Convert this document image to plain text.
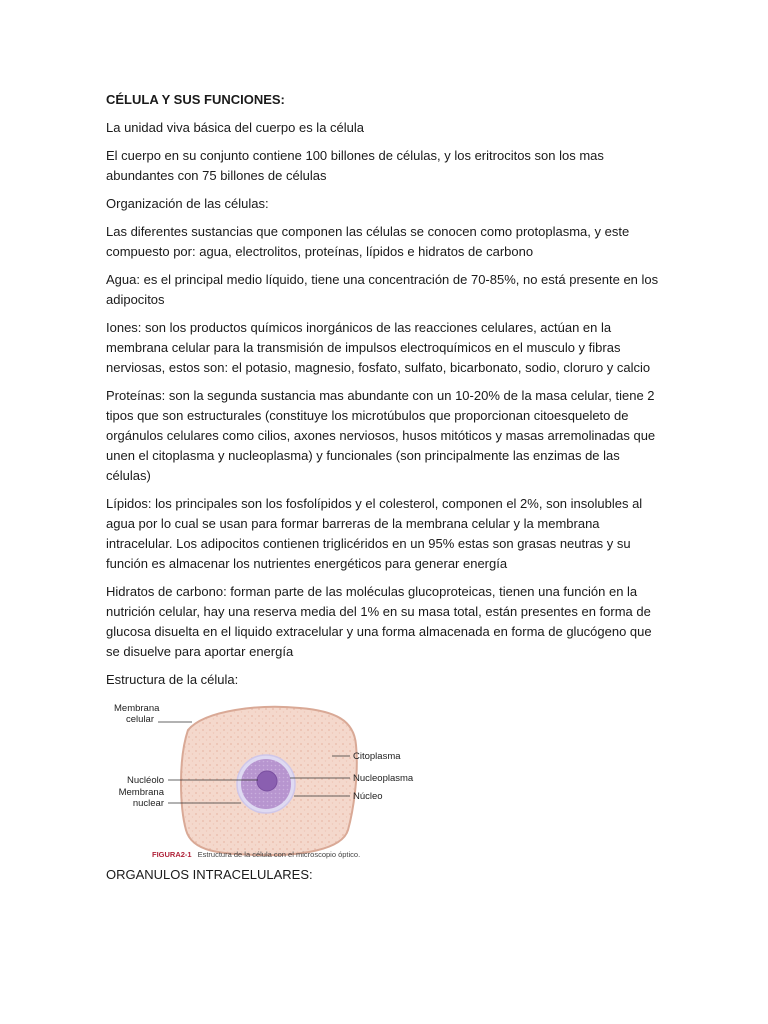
CÉLULA Y SUS FUNCIONES:

La unidad viva básica del cuerpo es la célula

El cuerpo en su conjunto contiene 100 billones de células, y los eritrocitos son los mas abundantes con 75 billones de células

Organización de las células:

Las diferentes sustancias que componen las células se conocen como protoplasma, y este compuesto por: agua, electrolitos, proteínas, lípidos e hidratos de carbono

Agua: es el principal medio líquido, tiene una concentración de 70-85%, no está presente en los adipocitos

Iones: son los productos químicos inorgánicos de las reacciones celulares, actúan en la membrana celular para la transmisión de impulsos electroquímicos en el musculo y fibras nerviosas, estos son: el potasio, magnesio, fosfato, sulfato, bicarbonato, sodio, cloruro y calcio

Proteínas: son la segunda sustancia mas abundante con un 10-20% de la masa celular, tiene 2 tipos que son estructurales (constituye los microtúbulos que proporcionan citoesqueleto de orgánulos celulares como cilios, axones nerviosos, husos mitóticos y masas arremolinadas que unen el citoplasma y nucleoplasma) y funcionales (son principalmente las enzimas de las células)

Lípidos: los principales son los fosfolípidos y el colesterol, componen el 2%, son insolubles al agua por lo cual se usan para formar barreras de la membrana celular y la membrana intracelular. Los adipocitos contienen triglicéridos en un 95% estas son grasas neutras y su función es almacenar los nutrientes energéticos para generar energía

Hidratos de carbono: forman parte de las moléculas glucoproteicas, tienen una función en la nutrición celular, hay una reserva media del 1% en su masa total, están presentes en forma de glucosa disuelta en el liquido extracelular y una forma almacenada en forma de glucógeno que se disuelve para aportar energía

Estructura de la célula:

Membrana
celular
Nucléolo
Membrana
nuclear
Citoplasma
Nucleoplasma
Núcleo
FIGURA2-1 Estructura de la célula con el microscopio óptico.
ORGANULOS INTRACELULARES:
